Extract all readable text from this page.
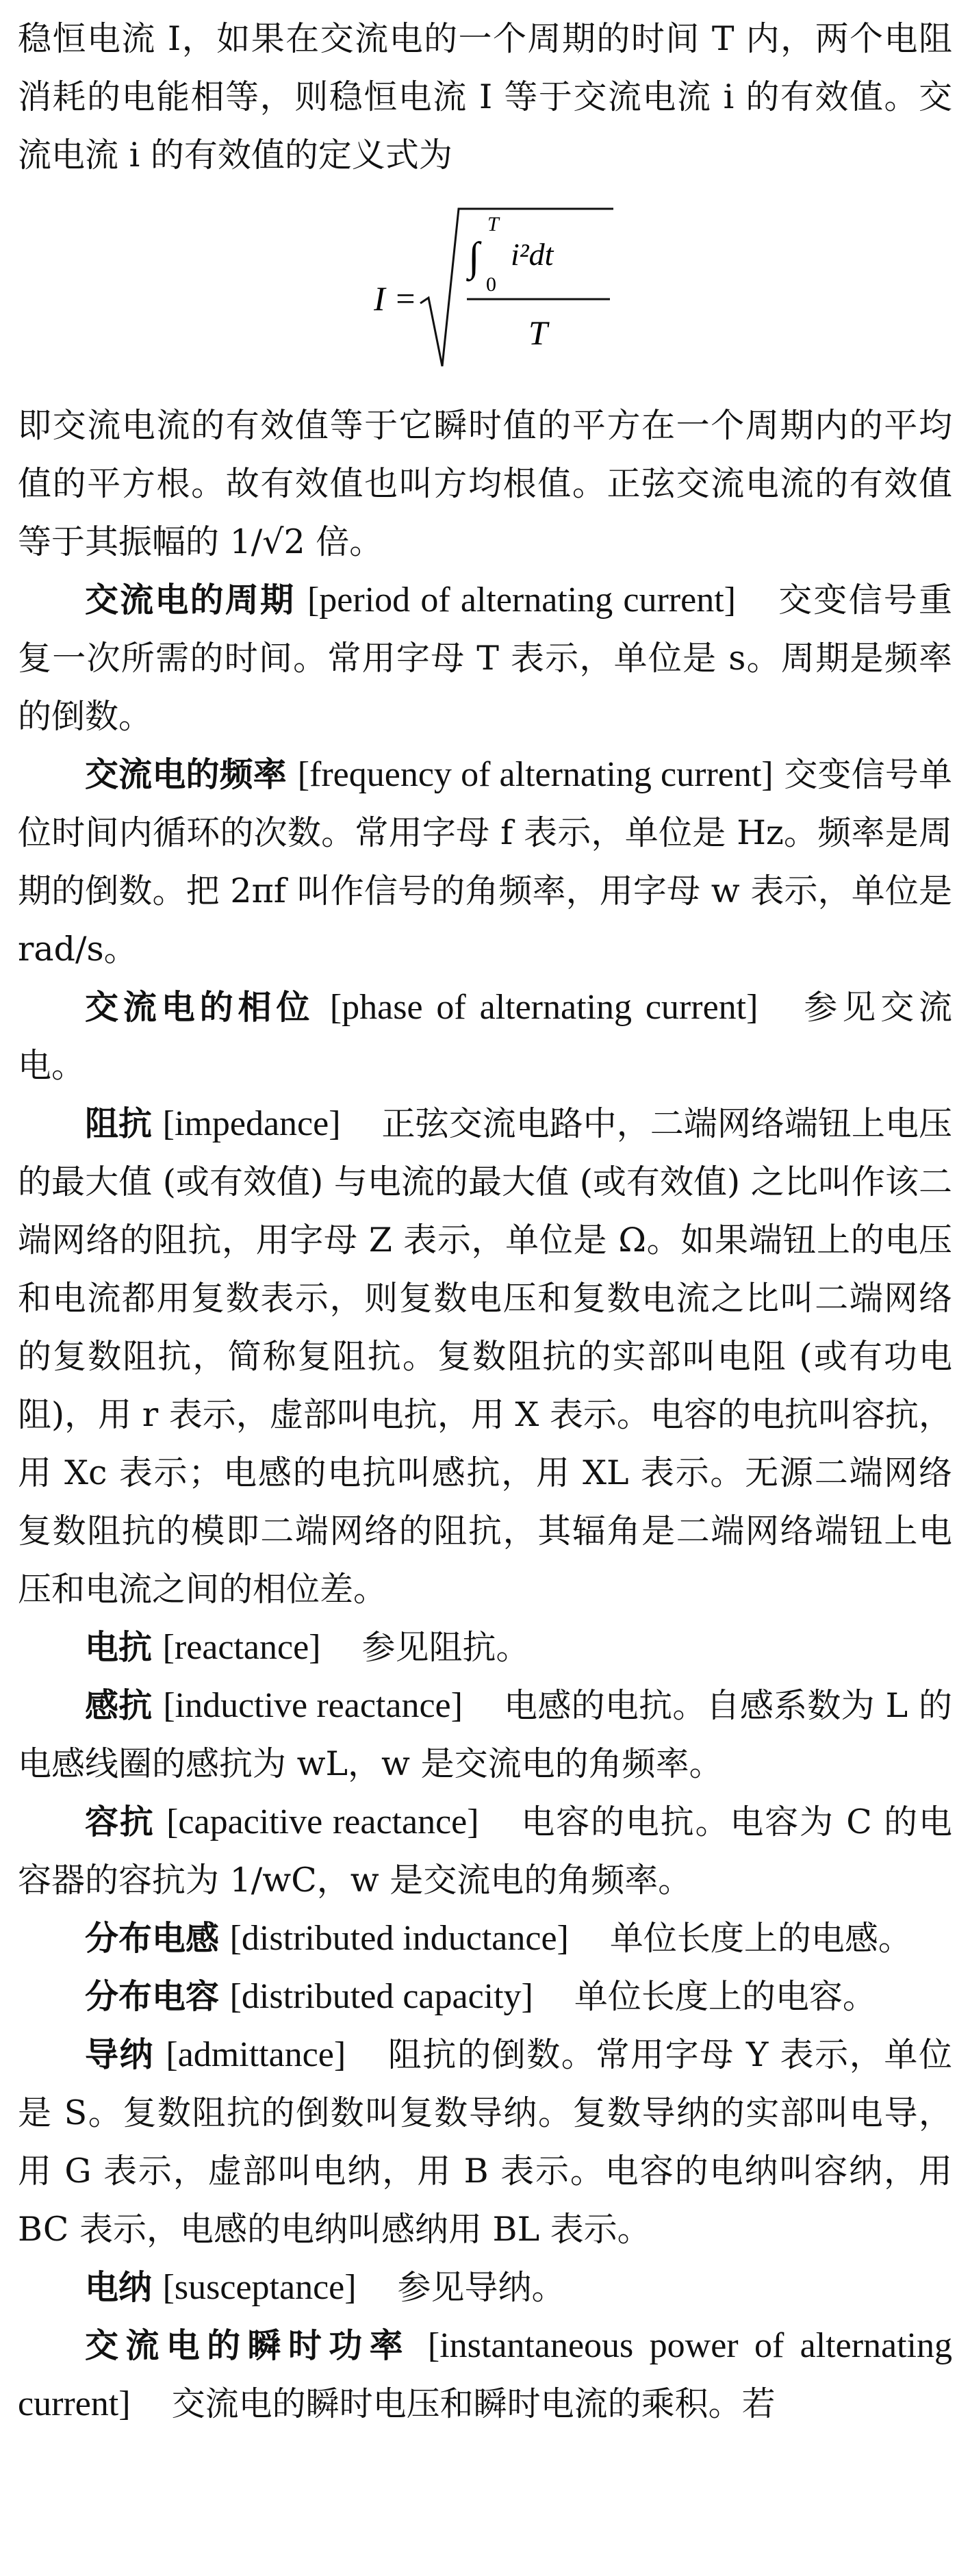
稳恒电流 I，如果在交流电的一个周期的时间 T 内，两个电阻消耗的电能相等，则稳恒电流 I 等于交流电流 i 的有效值。交流电流 i 的有效值的定义式为

I =
∫
T
0
i²dt
T

即交流电流的有效值等于它瞬时值的平方在一个周期内的平均值的平方根。故有效值也叫方均根值。正弦交流电流的有效值等于其振幅的 1/√2 倍。

交流电的周期 [period of alternating current] 交变信号重复一次所需的时间。常用字母 T 表示，单位是 s。周期是频率的倒数。

交流电的频率 [frequency of alternating current] 交变信号单位时间内循环的次数。常用字母 f 表示，单位是 Hz。频率是周期的倒数。把 2πf 叫作信号的角频率，用字母 w 表示，单位是 rad/s。

交流电的相位 [phase of alternating current] 参见交流电。

阻抗 [impedance] 正弦交流电路中，二端网络端钮上电压的最大值 (或有效值) 与电流的最大值 (或有效值) 之比叫作该二端网络的阻抗，用字母 Z 表示，单位是 Ω。如果端钮上的电压和电流都用复数表示，则复数电压和复数电流之比叫二端网络的复数阻抗，简称复阻抗。复数阻抗的实部叫电阻 (或有功电阻)，用 r 表示，虚部叫电抗，用 X 表示。电容的电抗叫容抗，用 Xc 表示；电感的电抗叫感抗，用 XL 表示。无源二端网络复数阻抗的模即二端网络的阻抗，其辐角是二端网络端钮上电压和电流之间的相位差。

电抗 [reactance] 参见阻抗。

感抗 [inductive reactance] 电感的电抗。自感系数为 L 的电感线圈的感抗为 wL，w 是交流电的角频率。

容抗 [capacitive reactance] 电容的电抗。电容为 C 的电容器的容抗为 1/wC，w 是交流电的角频率。

分布电感 [distributed inductance] 单位长度上的电感。

分布电容 [distributed capacity] 单位长度上的电容。

导纳 [admittance] 阻抗的倒数。常用字母 Y 表示，单位是 S。复数阻抗的倒数叫复数导纳。复数导纳的实部叫电导，用 G 表示，虚部叫电纳，用 B 表示。电容的电纳叫容纳，用 BC 表示，电感的电纳叫感纳用 BL 表示。

电纳 [susceptance] 参见导纳。

交流电的瞬时功率 [instantaneous power of alternating current] 交流电的瞬时电压和瞬时电流的乘积。若
